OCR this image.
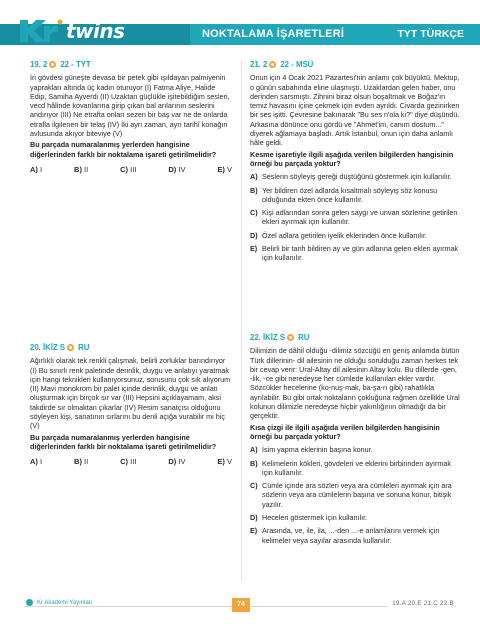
twins	NOKTALAMA İŞARETLERİ	TYT TÜRKÇE
19. 2 22 - TYT
İri gövdesi güneşte devasa bir petek gibi ışıldayan palmiyenin yaprakları altında üç kadın oturuyor (I) Fatma Aliye, Halide Edip, Samiha Ayverdi (II) Uzaktan güçlükle işitebildiğim sesleri, vecd hâlinde kovanlarına girip çıkan bal arılarının seslerini andırıyor (III) Ne etrafta onları sezen bir baş var ne de onlarda etrafla ilgilenen bir telaş (IV) İki ayrı zaman, ayrı tarihî konağın avlusunda akıyor biteviye (V)
Bu parçada numaralanmış yerlerden hangisine diğerlerinden farklı bir noktalama işareti getirilmelidir?
A) I	B) II	C) III	D) IV	E) V
20. İKİZ S RU
Ağırlıklı olarak tek renkli çalışmak, belirli zorluklar barındırıyor (I) Bu sınırlı renk paletinde derinlik, duygu ve anlatıyı yaratmak için hangi teknikleri kullanıyorsunuz, sorusunu çok sık alıyorum (II) Mavi monokrom bir palet içinde derinlik, duygu ve anlatı oluşturmak için birçok sır var (III) Hepsini açıklayamam, aksi takdirde sır olmaktan çıkarlar (IV) Resim sanatçısı olduğunu söyleyen kişi, sanatının sırlarını bu denli açığa vurabilir mi hiç (V)
Bu parçada numaralanmış yerlerden hangisine diğerlerinden farklı bir noktalama işareti getirilmelidir?
A) I	B) II	C) III	D) IV	E) V
21. 2 22 - MSÜ
Onun için 4 Ocak 2021 Pazartesi'nin anlamı çok büyüktü. Mektup, o günün sabahında eline ulaşmıştı. Uzaklardan gelen haber, onu derinden sarsmıştı. Zihnini biraz olsun boşaltmak ve Boğaz'ın temiz havasını içine çekmek için evden ayrıldı. Civarda gezinirken bir ses işitti. Çevresine bakınarak "Bu ses n'ola ki?" diye düşündü. Arkasına dönünce onu gördü ve "Ahmet'im, canım dostum..." diyerek ağlamaya başladı. Artık İstanbul, onun için daha anlamlı hâle geldi.
Kesme işaretiyle ilgili aşağıda verilen bilgilerden hangisinin örneği bu parçada yoktur?
A) Seslerin söyleyiş gereği düştüğünü göstermek için kullanılır.
B) Yer bildiren özel adlarda kısaltmalı söyleyiş söz konusu olduğunda ekten önce kullanılır.
C) Kişi adlarından sonra gelen saygı ve unvan sözlerine getirilen ekleri ayırmak için kullanılır.
D) Özel adlara getirilen iyelik eklerinden önce kullanılır.
E) Belirli bir tarih bildiren ay ve gün adlarına gelen ekleri ayırmak için kullanılır.
22. İKİZ S RU
Dilimizin de dâhil olduğu -dilimiz sözcüğü en geniş anlamda bütün Türk dillerinin- dil ailesinin ne olduğu sorulduğu zaman herkes tek bir cevap verir: Ural-Altay dil ailesinin Altay kolu. Bu dillerde -gen, -lik, -ce gibi neredeyse her cümlede kullanılan ekler vardır. Sözcükler hecelerine (ko-nuş-mak, ba-şa-rı gibi) rahatlıkla ayrılabilir. Bu gibi ortak noktaların çokluğuna rağmen özellikle Ural kolunun dilimizle neredeyse hiçbir yakınlığının olmadığı da bir gerçektir.
Kısa çizgi ile ilgili aşağıda verilen bilgilerden hangisinin örneği bu parçada yoktur?
A) İsim yapma eklerinin başına konur.
B) Kelimelerin kökleri, gövdeleri ve eklerini birbirinden ayırmak için kullanılır.
C) Cümle içinde ara sözleri veya ara cümleleri ayırmak için ara sözlerin veya ara cümlelerin başına ve sonuna konur, bitişik yazılır.
D) Heceleri göstermek için kullanılır.
E) Arasında, ve, ile, ila, ...-den ...-e anlamlarını vermek için kelimeler veya sayılar arasında kullanılır.
Kr Akademi Yayınları	74	19.A 20.E 21.C 22.B
